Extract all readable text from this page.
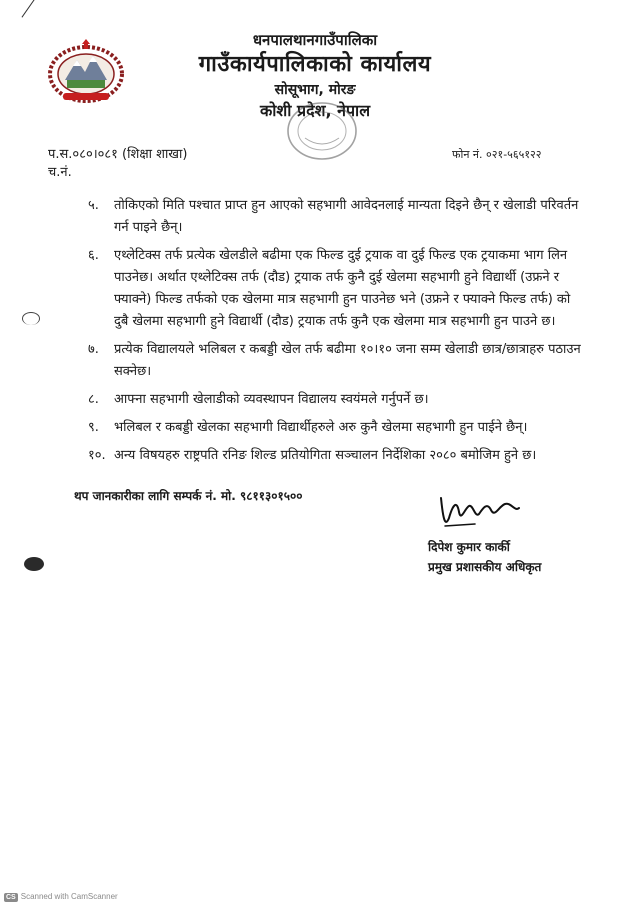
धनपालथानगाउँपालिका
गाउँकार्यपालिकाको कार्यालय
सोसूभाग, मोरङ
कोशी प्रदेश, नेपाल
प.स.०८०।०८१ (शिक्षा शाखा)
च.नं.
फोन नं. ०२१-५६५१२२
५.	तोकिएको मिति पश्चात प्राप्त हुन आएको सहभागी आवेदनलाई मान्यता दिइने छैन् र खेलाडी परिवर्तन गर्न पाइने छैन्।
६.	एथ्लेटिक्स तर्फ प्रत्येक खेलडीले बढीमा एक फिल्ड दुई ट्रयाक वा दुई फिल्ड एक ट्रयाकमा भाग लिन पाउनेछ। अर्थात एथ्लेटिक्स तर्फ (दौड) ट्रयाक तर्फ कुनै दुई खेलमा सहभागी हुने विद्यार्थी (उफ्रने र फ्याक्ने) फिल्ड तर्फको एक खेलमा मात्र सहभागी हुन पाउनेछ भने (उफ्रने र फ्याक्ने फिल्ड तर्फ) को दुबै खेलमा सहभागी हुने विद्यार्थी (दौड) ट्रयाक तर्फ कुनै एक खेलमा मात्र सहभागी हुन पाउने छ।
७.	प्रत्येक विद्यालयले भलिबल र कबड्डी खेल तर्फ बढीमा १०।१० जना सम्म खेलाडी छात्र/छात्राहरु पठाउन सक्नेछ।
८.	आफ्ना सहभागी खेलाडीको व्यवस्थापन विद्यालय स्वयंमले गर्नुपर्ने छ।
९.	भलिबल र कबड्डी खेलका सहभागी विद्यार्थीहरुले अरु कुनै खेलमा सहभागी हुन पाईने छैन्।
१०. अन्य विषयहरु राष्ट्रपति रनिङ शिल्ड प्रतियोगिता सञ्चालन निर्देशिका २०८० बमोजिम हुने छ।
थप जानकारीका लागि सम्पर्क नं. मो. ९८११३०१५००
दिपेश कुमार कार्की
प्रमुख प्रशासकीय अधिकृत
CS Scanned with CamScanner
